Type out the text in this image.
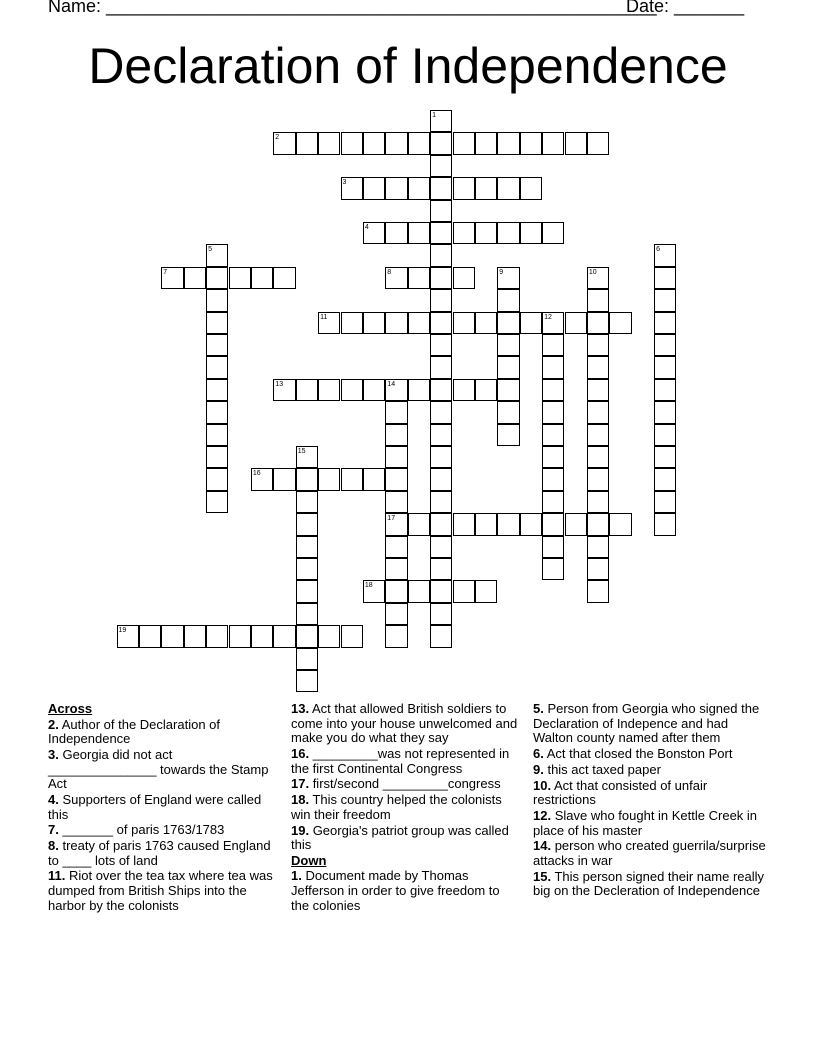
Name: _______________________________________________________
Date: _______
Declaration of Independence
1
2
3
4
5	6
7	8	9	10
11	12
13	14
15
16
17
18
19
Across
2. Author of the Declaration of Independence
3. Georgia did not act _______________ towards the Stamp Act
4. Supporters of England were called this
7. _______ of paris 1763/1783
8. treaty of paris 1763 caused England to ____ lots of land
11. Riot over the tea tax where tea was dumped from British Ships into the harbor by the colonists
13. Act that allowed British soldiers to come into your house unwelcomed and make you do what they say
16. _________was not represented in the first Continental Congress
17. first/second _________congress
18. This country helped the colonists win their freedom
19. Georgia's patriot group was called this
Down
1. Document made by Thomas Jefferson in order to give freedom to the colonies
5. Person from Georgia who signed the Declaration of Indepence and had Walton county named after them
6. Act that closed the Bonston Port
9. this act taxed paper
10. Act that consisted of unfair restrictions
12. Slave who fought in Kettle Creek in place of his master
14. person who created guerrila/surprise attacks in war
15. This person signed their name really big on the Decleration of Independence
